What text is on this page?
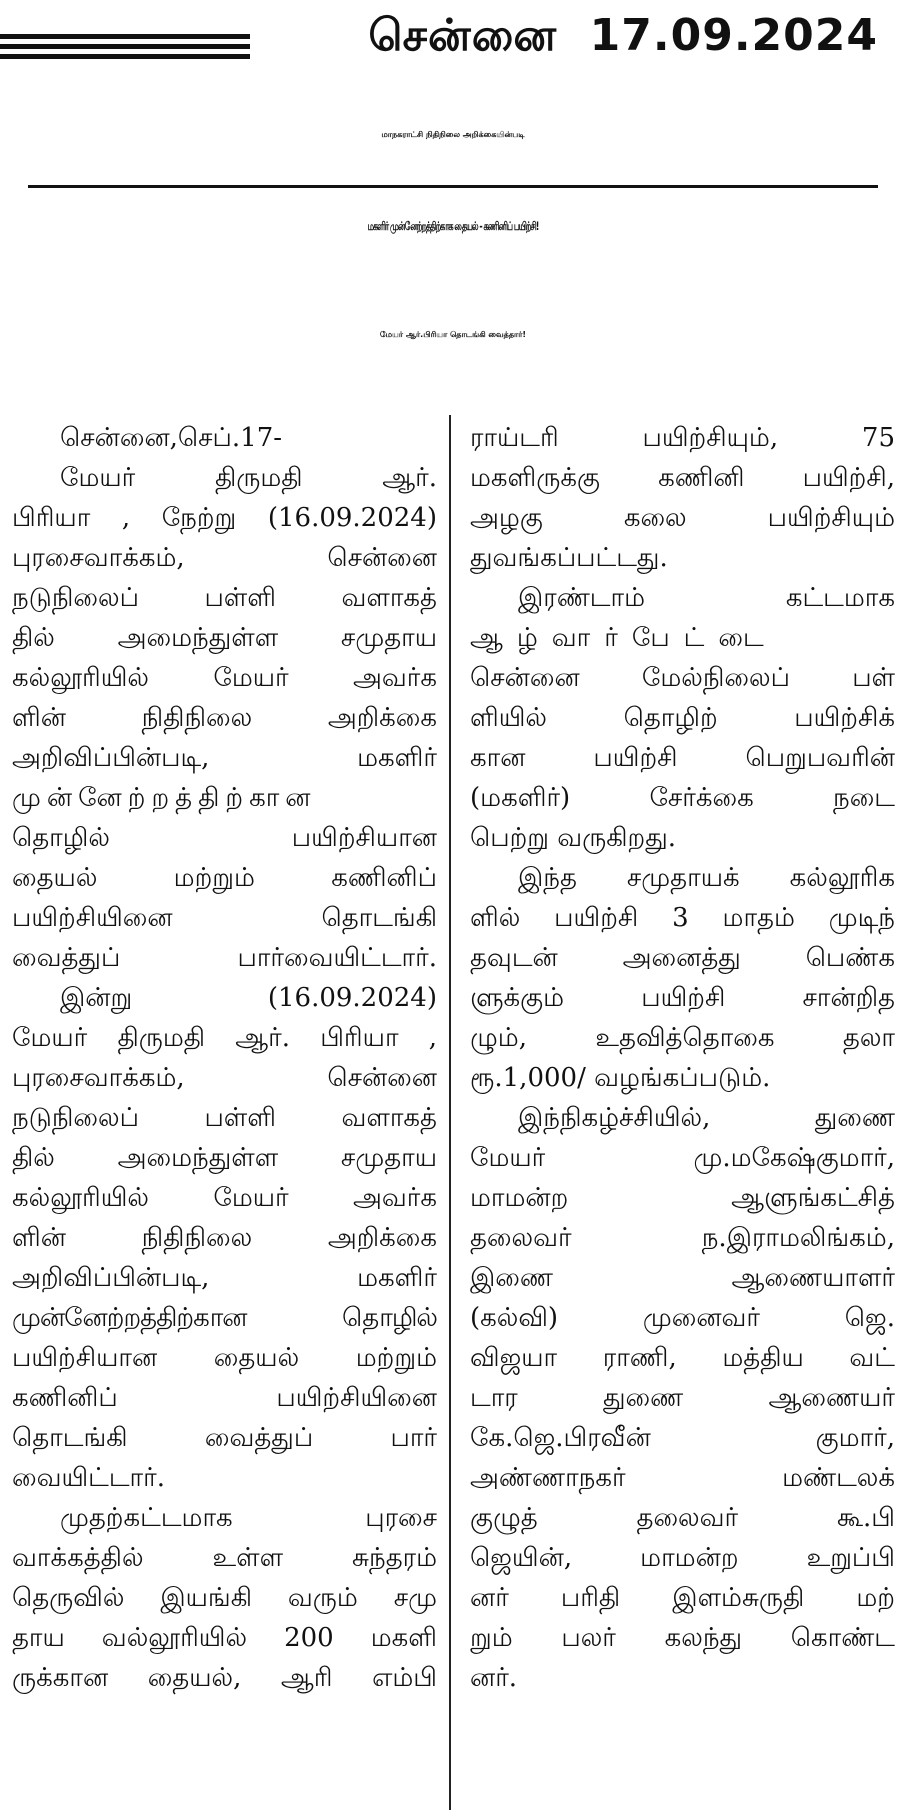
சென்னை  17.09.2024
மாநகராட்சி நிதிநிலை அறிக்கையின்படி
மகளிர் முன்னேற்றத்திற்காக தையல் - கணினிப் பயிற்சி!
மேயர் ஆர்.பிரியா தொடங்கி வைத்தார்!
சென்னை,செப்.17-
மேயர் திருமதி ஆர்.
பிரியா , நேற்று (16.09.2024)
புரசைவாக்கம், சென்னை
நடுநிலைப் பள்ளி வளாகத்
தில் அமைந்துள்ள சமுதாய
கல்லூரியில் மேயர் அவர்க
ளின் நிதிநிலை அறிக்கை
அறிவிப்பின்படி, மகளிர்
முன்னேற்றத்திற்கான
தொழில் பயிற்சியான
தையல் மற்றும் கணினிப்
பயிற்சியினை தொடங்கி
வைத்துப் பார்வையிட்டார்.
இன்று (16.09.2024)
மேயர் திருமதி ஆர். பிரியா ,
புரசைவாக்கம், சென்னை
நடுநிலைப் பள்ளி வளாகத்
தில் அமைந்துள்ள சமுதாய
கல்லூரியில் மேயர் அவர்க
ளின் நிதிநிலை அறிக்கை
அறிவிப்பின்படி, மகளிர்
முன்னேற்றத்திற்கான தொழில்
பயிற்சியான தையல் மற்றும்
கணினிப் பயிற்சியினை
தொடங்கி வைத்துப் பார்
வையிட்டார்.
முதற்கட்டமாக புரசை
வாக்கத்தில் உள்ள சுந்தரம்
தெருவில் இயங்கி வரும் சமு
தாய வல்லூரியில் 200 மகளி
ருக்கான தையல், ஆரி எம்பி
ராய்டரி பயிற்சியும், 75
மகளிருக்கு கணினி பயிற்சி,
அழகு கலை பயிற்சியும்
துவங்கப்பட்டது.
இரண்டாம் கட்டமாக
ஆழ்வார்பேட்டை
சென்னை மேல்நிலைப் பள்
ளியில் தொழிற் பயிற்சிக்
கான பயிற்சி பெறுபவரின்
(மகளிர்) சேர்க்கை நடை
பெற்று வருகிறது.
இந்த சமுதாயக் கல்லூரிக
ளில் பயிற்சி 3 மாதம் முடிந்
தவுடன் அனைத்து பெண்க
ளுக்கும் பயிற்சி சான்றித
ழும், உதவித்தொகை தலா
ரூ.1,000/ வழங்கப்படும்.
இந்நிகழ்ச்சியில், துணை
மேயர் மு.மகேஷ்குமார்,
மாமன்ற ஆளுங்கட்சித்
தலைவர் ந.இராமலிங்கம்,
இணை ஆணையாளர்
(கல்வி) முனைவர் ஜெ.
விஜயா ராணி, மத்திய வட்
டார துணை ஆணையர்
கே.ஜெ.பிரவீன் குமார்,
அண்ணாநகர் மண்டலக்
குழுத் தலைவர் கூ.பி
ஜெயின், மாமன்ற உறுப்பி
னர் பரிதி இளம்சுருதி மற்
றும் பலர் கலந்து கொண்ட
னர்.
